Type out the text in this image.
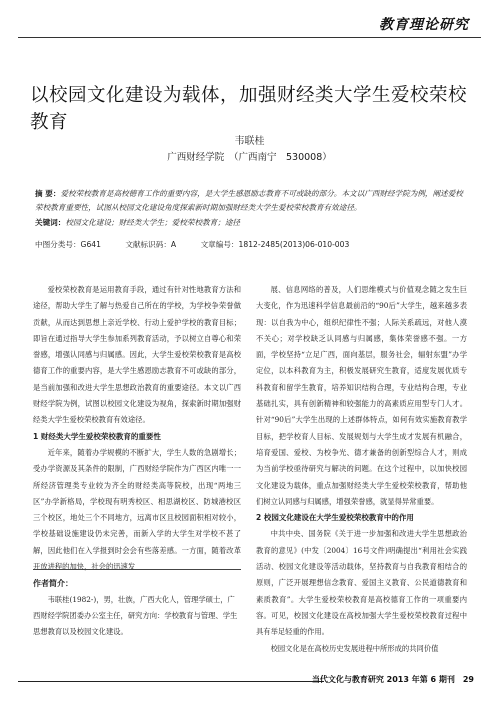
教育理论研究
以校园文化建设为载体，加强财经类大学生爱校荣校教育
韦联桂
广西财经学院　（广西南宁　530008）
摘 要：爱校荣校教育是高校德育工作的重要内容，是大学生感恩励志教育不可或缺的部分。本文以广西财经学院为例，阐述爱校荣校教育重要性，试图从校园文化建设角度探索新时期加强财经类大学生爱校荣校教育有效途径。
关键词：校园文化建设；财经类大学生；爱校荣校教育；途径
中图分类号：G641	文献标识码：A	文章编号：1812-2485(2013)06-010-003

爱校荣校教育是运用教育手段，通过有针对性地教育方法和途径，帮助大学生了解与热爱自己所在的学校，为学校争荣誉做贡献，从而达到思想上亲近学校、行动上爱护学校的教育目标；即旨在通过指导大学生参加系列教育活动，予以树立自尊心和荣誉感，增强认同感与归属感。因此，大学生爱校荣校教育是高校德育工作的重要内容，是大学生感恩励志教育不可或缺的部分，是当前加强和改进大学生思想政治教育的重要途径。本文以广西财经学院为例，试图以校园文化建设为视角，探索新时期加强财经类大学生爱校荣校教育有效途径。

1 财经类大学生爱校荣校教育的重要性

近年来，随着办学规模的不断扩大，学生人数的急剧增长；受办学资源及其条件的限制，广西财经学院作为广西区内唯一一所经济管理类专业较为齐全的财经类高等院校，出现“两地三区”办学新格局，学校现有明秀校区、相思湖校区、防城港校区三个校区，地处三个不同地方，远离市区且校园面积相对较小，学校基础设施建设仍未完善，而新入学的大学生对学校不甚了解，因此他们在入学报到时会会有些落差感。一方面，随着改革开放进程的加快，社会的迅速发

作者简介：
韦联桂(1982-)，男，壮族，广西大化人，管理学硕士，广西财经学院团委办公室主任，研究方向：学校教育与管理、学生思想教育以及校园文化建设。

展、信息网络的普及，人们思维模式与价值观念随之发生巨大变化，作为迅速科学信息最前沿的“90后”大学生，越来越多表现：以自我为中心，组织纪律性不强；人际关系疏远，对他人漠不关心；对学校缺乏认同感与归属感，集体荣誉感不强。一方面，学校坚持“立足广西，面向基层，服务社会，辐射东盟”办学定位，以本科教育为主，积极发展研究生教育，适度发展优质专科教育和留学生教育，培养知识结构合理，专业结构合理，专业基础扎实，具有创新精神和较强能力的高素质应用型专门人才。针对“90后”大学生出现的上述群体特点，如何有效实施教育教学目标，把学校育人目标、发展规划与大学生成才发展有机融合，培育爱国、爱校、为校争光、德才兼备的创新型综合人才，则成为当前学校亟待研究与解决的问题。在这个过程中，以加快校园文化建设为载体，重点加强财经类大学生爱校荣校教育，帮助他们树立认同感与归属感，增强荣誉感，就显得异常重要。

2 校园文化建设在大学生爱校荣校教育中的作用

中共中央、国务院《关于进一步加强和改进大学生思想政治教育的意见》(中发〔2004〕16号文件)明确提出“利用社会实践活动、校园文化建设等活动载体，坚持教育与自我教育相结合的原则，广泛开展理想信念教育、爱国主义教育、公民道德教育和素质教育”。大学生爱校荣校教育是高校德育工作的一项重要内容。可见，校园文化建设在高校加强大学生爱校荣校教育过程中具有举足轻重的作用。

校园文化是在高校历史发展进程中所形成的共同价值

当代文化与教育研究 2013 年第 6 期刊　29
